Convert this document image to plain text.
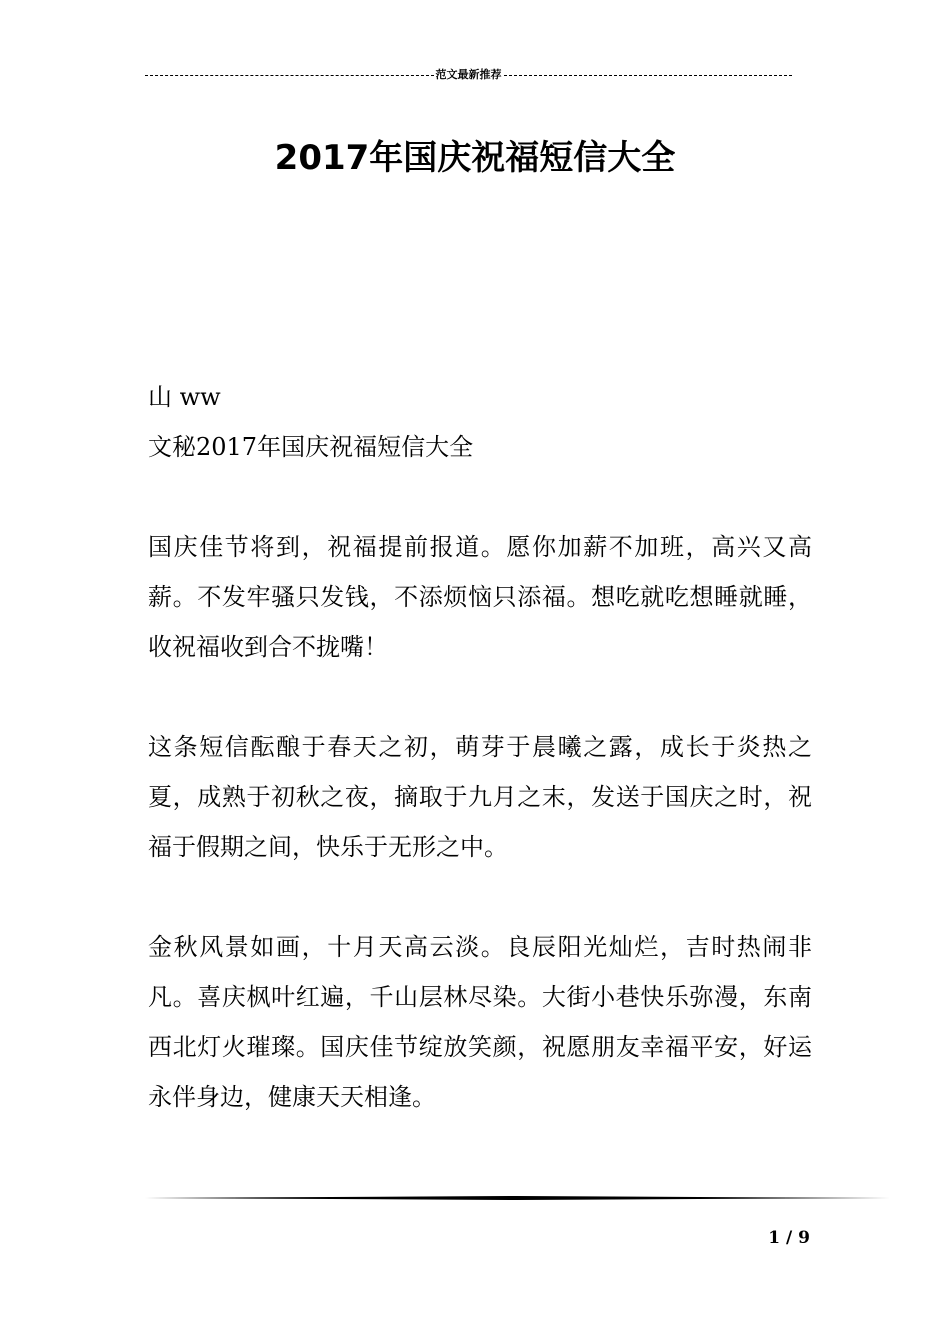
范文最新推荐
2017年国庆祝福短信大全

山 ww

文秘2017年国庆祝福短信大全

国庆佳节将到，祝福提前报道。愿你加薪不加班，高兴又高薪。不发牢骚只发钱，不添烦恼只添福。想吃就吃想睡就睡，收祝福收到合不拢嘴！

这条短信酝酿于春天之初，萌芽于晨曦之露，成长于炎热之夏，成熟于初秋之夜，摘取于九月之末，发送于国庆之时，祝福于假期之间，快乐于无形之中。

金秋风景如画，十月天高云淡。良辰阳光灿烂，吉时热闹非凡。喜庆枫叶红遍，千山层林尽染。大街小巷快乐弥漫，东南西北灯火璀璨。国庆佳节绽放笑颜，祝愿朋友幸福平安，好运永伴身边，健康天天相逢。

1 / 9
